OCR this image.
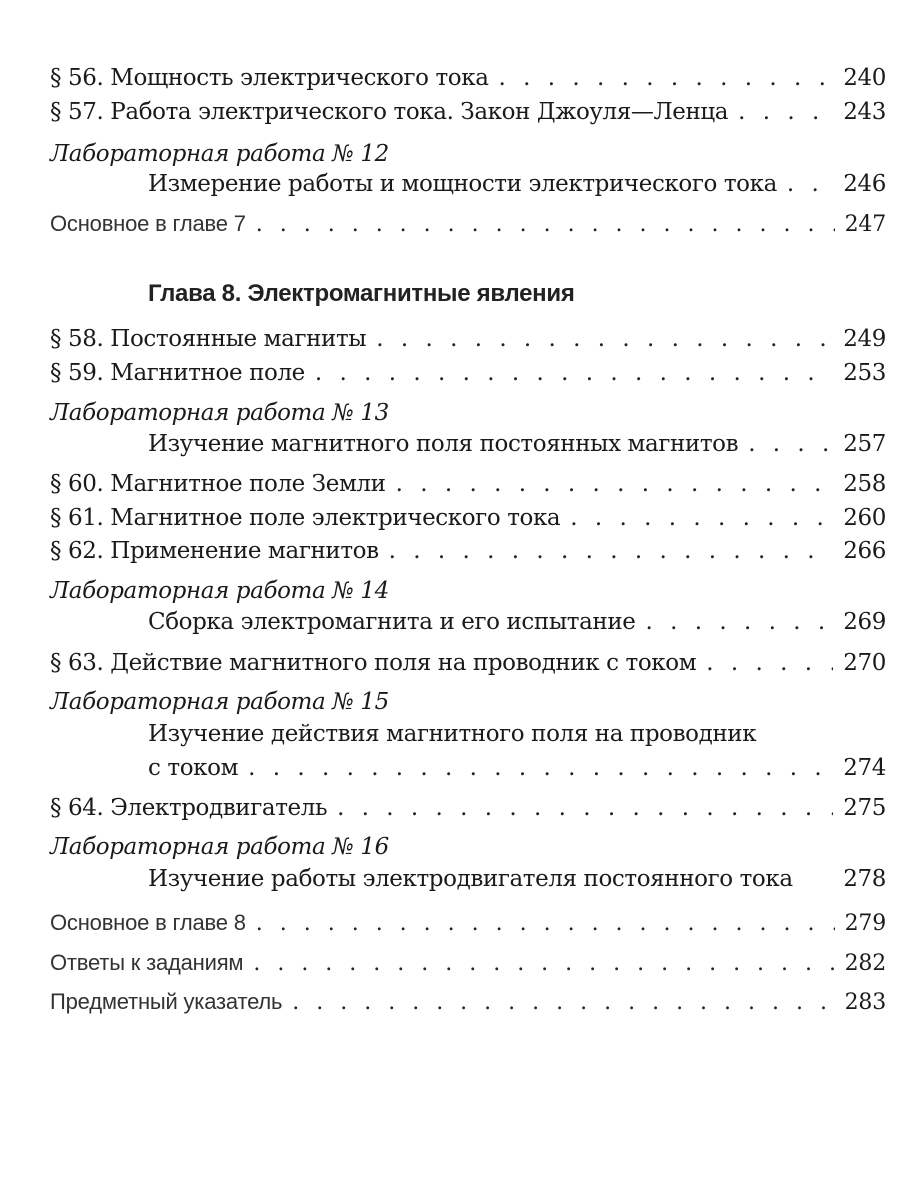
§ 56. Мощность электрического тока . . .	240
§ 57. Работа электрического тока. Закон Джоуля—Ленца . . .	243
Лабораторная работа № 12
Измерение работы и мощности электрического тока . . .	246
Основное в главе 7 . . .	247
Глава 8. Электромагнитные явления
§ 58. Постоянные магниты . . .	249
§ 59. Магнитное поле . . .	253
Лабораторная работа № 13
Изучение магнитного поля постоянных магнитов . . .	257
§ 60. Магнитное поле Земли . . .	258
§ 61. Магнитное поле электрического тока . . .	260
§ 62. Применение магнитов . . .	266
Лабораторная работа № 14
Сборка электромагнита и его испытание . . .	269
§ 63. Действие магнитного поля на проводник с током . . .	270
Лабораторная работа № 15
Изучение действия магнитного поля на проводник
с током . . .	274
§ 64. Электродвигатель . . .	275
Лабораторная работа № 16
Изучение работы электродвигателя постоянного тока 278
Основное в главе 8 . . .	279
Ответы к заданиям . . .	282
Предметный указатель . . .	283
